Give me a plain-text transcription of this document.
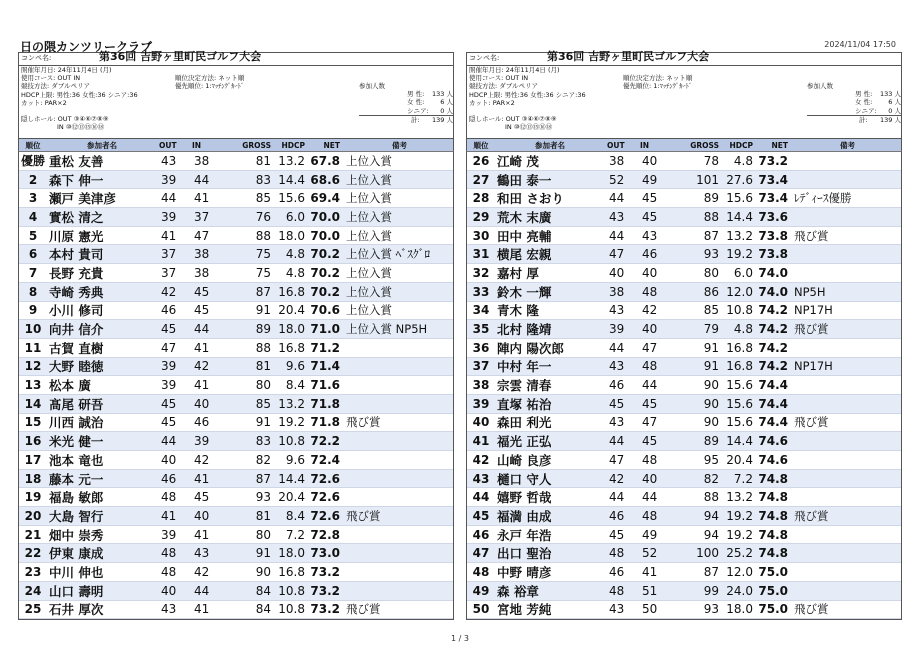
日の隈カンツリークラブ	2024/11/04 17:50
コンペ名:	第36回 吉野ヶ里町民ゴルフ大会
開催年月日: 24年11月4日 (月)
使用コース: OUT IN
競技方法: ダブルペリア
HDCP上限: 男性:36 女性:36 シニア:36
カット: PAR×2
順位決定方法: ネット順
優先順位: 1:ﾏｯﾁﾝｸﾞｶｰﾄﾞ	参加人数
男 性: 133 人
女 性: 6 人
シニア: 0 人
計: 139 人
隠しホール: OUT ③④⑥⑦⑧⑨
IN ⑩⑫⑬⑮⑯⑱
順位	参加者名	OUT	IN	GROSS	HDCP	NET	備考
優勝 重松 友善	43	38	81 13.2 67.8 上位入賞
2 森下 伸一	39	44	83 14.4 68.6 上位入賞
3 瀬戸 美津彦	44	41	85 15.6 69.4 上位入賞
4 實松 清之	39	37	76	6.0 70.0 上位入賞
5 川原 憲光	41	47	88 18.0 70.0 上位入賞
6 本村 貴司	37	38	75	4.8 70.2 上位入賞 ﾍﾞｽｸﾞﾛ
7 長野 充貴	37	38	75	4.8 70.2 上位入賞
8 寺崎 秀典	42	45	87 16.8 70.2 上位入賞
9 小川 修司	46	45	91 20.4 70.6 上位入賞
10 向井 信介	45	44	89 18.0 71.0 上位入賞 NP5H
11 古賀 直樹	47	41	88 16.8 71.2
12 大野 睦徳	39	42	81	9.6 71.4
13 松本 廣	39	41	80	8.4 71.6
14 髙尾 研吾	45	40	85 13.2 71.8
15 川西 誠治	45	46	91 19.2 71.8 飛び賞
16 米光 健一	44	39	83 10.8 72.2
17 池本 竜也	40	42	82	9.6 72.4
18 藤本 元一	46	41	87 14.4 72.6
19 福島 敏郎	48	45	93 20.4 72.6
20 大島 智行	41	40	81	8.4 72.6 飛び賞
21 畑中 崇秀	39	41	80	7.2 72.8
22 伊東 康成	48	43	91 18.0 73.0
23 中川 伸也	48	42	90 16.8 73.2
24 山口 壽明	40	44	84 10.8 73.2
25 石井 厚次	43	41	84 10.8 73.2 飛び賞
コンペ名:	第36回 吉野ヶ里町民ゴルフ大会
開催年月日: 24年11月4日 (月)
使用コース: OUT IN
競技方法: ダブルペリア
HDCP上限: 男性:36 女性:36 シニア:36
カット: PAR×2
順位決定方法: ネット順
優先順位: 1:ﾏｯﾁﾝｸﾞｶｰﾄﾞ	参加人数
男 性: 133 人
女 性: 6 人
シニア: 0 人
計: 139 人
隠しホール: OUT ③④⑥⑦⑧⑨
IN ⑩⑫⑬⑮⑯⑱
順位	参加者名	OUT	IN	GROSS	HDCP	NET	備考
26 江崎 茂	38	40	78	4.8 73.2
27 鶴田 泰一	52	49	101 27.6 73.4
28 和田 さおり	44	45	89 15.6 73.4 ﾚﾃﾞｨｰｽ優勝
29 荒木 末廣	43	45	88 14.4 73.6
30 田中 亮輔	44	43	87 13.2 73.8 飛び賞
31 横尾 宏親	47	46	93 19.2 73.8
32 嘉村 厚	40	40	80	6.0 74.0
33 鈴木 一輝	38	48	86 12.0 74.0 NP5H
34 青木 隆	43	42	85 10.8 74.2 NP17H
35 北村 隆靖	39	40	79	4.8 74.2 飛び賞
36 陣内 陽次郎	44	47	91 16.8 74.2
37 中村 年一	43	48	91 16.8 74.2 NP17H
38 宗雲 清春	46	44	90 15.6 74.4
39 直塚 祐治	45	45	90 15.6 74.4
40 森田 利光	43	47	90 15.6 74.4 飛び賞
41 福光 正弘	44	45	89 14.4 74.6
42 山崎 良彦	47	48	95 20.4 74.6
43 樋口 守人	42	40	82	7.2 74.8
44 嬉野 哲哉	44	44	88 13.2 74.8
45 福満 由成	46	48	94 19.2 74.8 飛び賞
46 永戸 年浩	45	49	94 19.2 74.8
47 出口 聖治	48	52	100 25.2 74.8
48 中野 晴彦	46	41	87 12.0 75.0
49 森 裕章	48	51	99 24.0 75.0
50 宮地 芳純	43	50	93 18.0 75.0 飛び賞
1 / 3
